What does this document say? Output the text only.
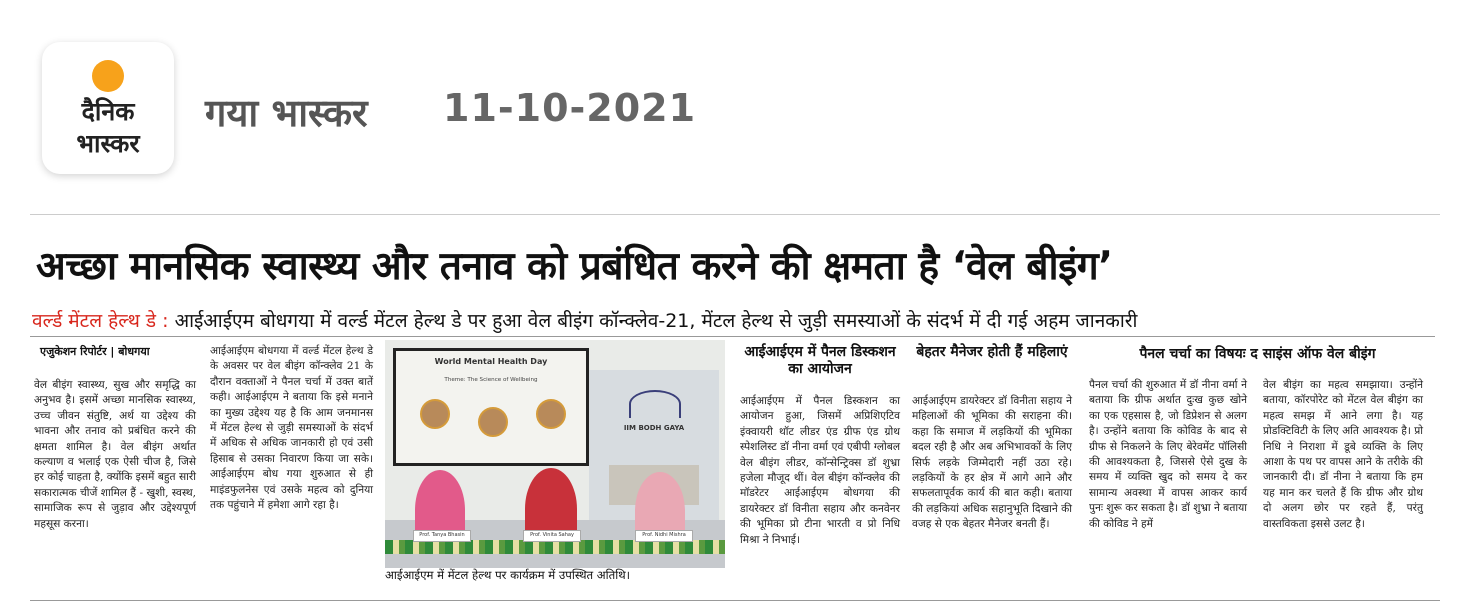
दैनिक
भास्कर
गया भास्कर 11-10-2021
अच्छा मानसिक स्वास्थ्य और तनाव को प्रबंधित करने की क्षमता है ‘वेल बीइंग’
वर्ल्ड मेंटल हेल्थ डे : आईआईएम बोधगया में वर्ल्ड मेंटल हेल्थ डे पर हुआ वेल बीइंग कॉन्क्लेव-21, मेंटल हेल्थ से जुड़ी समस्याओं के संदर्भ में दी गई अहम जानकारी
एजुकेशन रिपोर्टर | बोधगया
वेल बीइंग स्वास्थ्य, सुख और समृद्धि का अनुभव है। इसमें अच्छा मानसिक स्वास्थ्य, उच्च जीवन संतुष्टि, अर्थ या उद्देश्य की भावना और तनाव को प्रबंधित करने की क्षमता शामिल है। वेल बीइंग अर्थात कल्याण व भलाई एक ऐसी चीज है, जिसे हर कोई चाहता है, क्योंकि इसमें बहुत सारी सकारात्मक चीजें शामिल हैं - खुशी, स्वस्थ, सामाजिक रूप से जुड़ाव और उद्देश्यपूर्ण महसूस करना।
आईआईएम बोधगया में वर्ल्ड मेंटल हेल्थ डे के अवसर पर वेल बीइंग कॉन्क्लेव 21 के दौरान वक्ताओं ने पैनल चर्चा में उक्त बातें कही। आईआईएम ने बताया कि इसे मनाने का मुख्य उद्देश्य यह है कि आम जनमानस में मेंटल हेल्थ से जुड़ी समस्याओं के संदर्भ में अधिक से अधिक जानकारी हो एवं उसी हिसाब से उसका निवारण किया जा सके। आईआईएम बोध गया शुरुआत से ही माइंडफुलनेस एवं उसके महत्व को दुनिया तक पहुंचाने में हमेशा आगे रहा है।
World Mental Health Day
Theme: The Science of Wellbeing
IIM BODH GAYA
Prof. Tanya Bhasin	Prof. Vinita Sahay	Prof. Nidhi Mishra
आईआईएम में मेंटल हेल्थ पर कार्यक्रम में उपस्थित अतिथि।
आईआईएम में पैनल डिस्कशन का आयोजन
आईआईएम में पैनल डिस्कशन का आयोजन हुआ, जिसमें अप्रिशिएटिव इंक्वायरी थॉट लीडर एंड ग्रीफ एंड ग्रोथ स्पेशलिस्ट डॉ नीना वर्मा एवं एबीपी ग्लोबल वेल बीइंग लीडर, कॉन्सेन्ट्रिक्स डॉ शुभ्रा हजेला मौजूद थीं। वेल बीइंग कॉन्क्लेव की मॉडरेटर आईआईएम बोधगया की डायरेक्टर डॉ विनीता सहाय और कनवेनर की भूमिका प्रो टीना भारती व प्रो निधि मिश्रा ने निभाई।
बेहतर मैनेजर होती हैं महिलाएं
आईआईएम डायरेक्टर डॉ विनीता सहाय ने महिलाओं की भूमिका की सराहना की। कहा कि समाज में लड़कियों की भूमिका बदल रही है और अब अभिभावकों के लिए सिर्फ लड़के जिम्मेदारी नहीं उठा रहे। लड़कियों के हर क्षेत्र में आगे आने और सफलतापूर्वक कार्य की बात कही। बताया की लड़कियां अधिक सहानुभूति दिखाने की वजह से एक बेहतर मैनेजर बनती हैं।
पैनल चर्चा का विषयः द साइंस ऑफ वेल बीइंग
पैनल चर्चा की शुरुआत में डॉ नीना वर्मा ने बताया कि ग्रीफ अर्थात दुःख कुछ खोने का एक एहसास है, जो डिप्रेशन से अलग है। उन्होंने बताया कि कोविड के बाद से ग्रीफ से निकलने के लिए बेरेवमेंट पॉलिसी की आवश्यकता है, जिससे ऐसे दुख के समय में व्यक्ति खुद को समय दे कर सामान्य अवस्था में वापस आकर कार्य पुनः शुरू कर सकता है। डॉ शुभ्रा ने बताया की कोविड ने हमें
वेल बीइंग का महत्व समझाया। उन्होंने बताया, कॉरपोरेट को मेंटल वेल बीइंग का महत्व समझ में आने लगा है। यह प्रोडक्टिविटी के लिए अति आवश्यक है। प्रो निधि ने निराशा में डूबे व्यक्ति के लिए आशा के पथ पर वापस आने के तरीके की जानकारी दी। डॉ नीना ने बताया कि हम यह मान कर चलते हैं कि ग्रीफ और ग्रोथ दो अलग छोर पर रहते हैं, परंतु वास्तविकता इससे उलट है।
